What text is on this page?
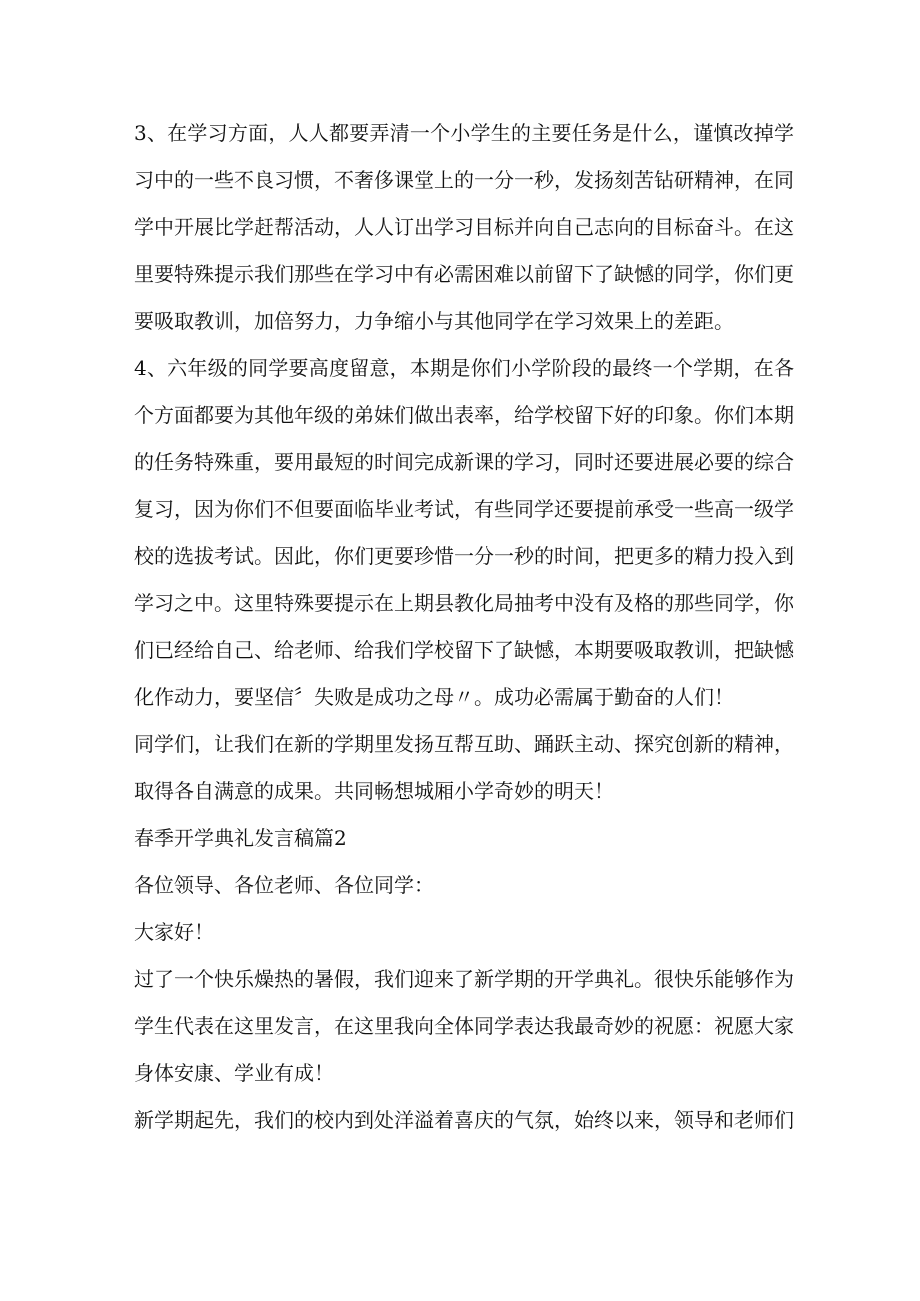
3、在学习方面，人人都要弄清一个小学生的主要任务是什么，谨慎改掉学
习中的一些不良习惯，不奢侈课堂上的一分一秒，发扬刻苦钻研精神，在同
学中开展比学赶帮活动，人人订出学习目标并向自己志向的目标奋斗。在这
里要特殊提示我们那些在学习中有必需困难以前留下了缺憾的同学，你们更
要吸取教训，加倍努力，力争缩小与其他同学在学习效果上的差距。
4、六年级的同学要高度留意，本期是你们小学阶段的最终一个学期，在各
个方面都要为其他年级的弟妹们做出表率，给学校留下好的印象。你们本期
的任务特殊重，要用最短的时间完成新课的学习，同时还要进展必要的综合
复习，因为你们不但要面临毕业考试，有些同学还要提前承受一些高一级学
校的选拔考试。因此，你们更要珍惜一分一秒的时间，把更多的精力投入到
学习之中。这里特殊要提示在上期县教化局抽考中没有及格的那些同学，你
们已经给自己、给老师、给我们学校留下了缺憾，本期要吸取教训，把缺憾
化作动力，要坚信〞失败是成功之母〃。成功必需属于勤奋的人们！
同学们，让我们在新的学期里发扬互帮互助、踊跃主动、探究创新的精神，
取得各自满意的成果。共同畅想城厢小学奇妙的明天！
春季开学典礼发言稿篇2
各位领导、各位老师、各位同学：
大家好！
过了一个快乐燥热的暑假，我们迎来了新学期的开学典礼。很快乐能够作为
学生代表在这里发言，在这里我向全体同学表达我最奇妙的祝愿：祝愿大家
身体安康、学业有成！
新学期起先，我们的校内到处洋溢着喜庆的气氛，始终以来，领导和老师们
